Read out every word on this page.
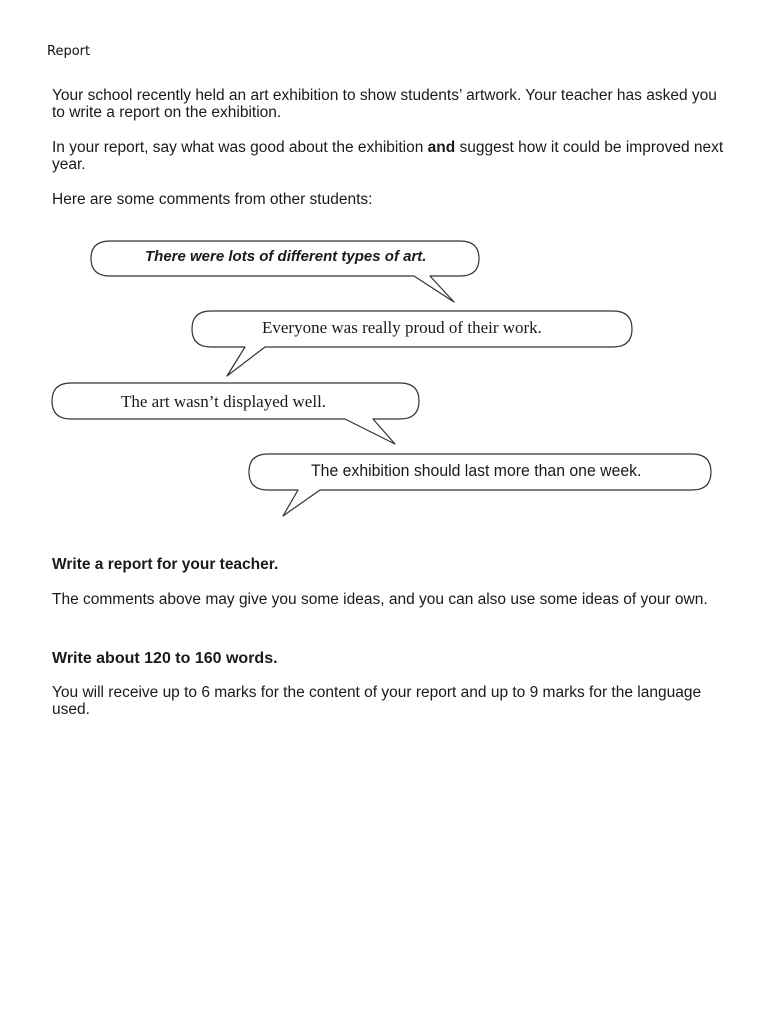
Report
Your school recently held an art exhibition to show students’ artwork. Your teacher has asked you to write a report on the exhibition.
In your report, say what was good about the exhibition and suggest how it could be improved next year.
Here are some comments from other students:
There were lots of different types of art.
Everyone was really proud of their work.
The art wasn’t displayed well.
The exhibition should last more than one week.
Write a report for your teacher.
The comments above may give you some ideas, and you can also use some ideas of your own.
Write about 120 to 160 words.
You will receive up to 6 marks for the content of your report and up to 9 marks for the language used.
